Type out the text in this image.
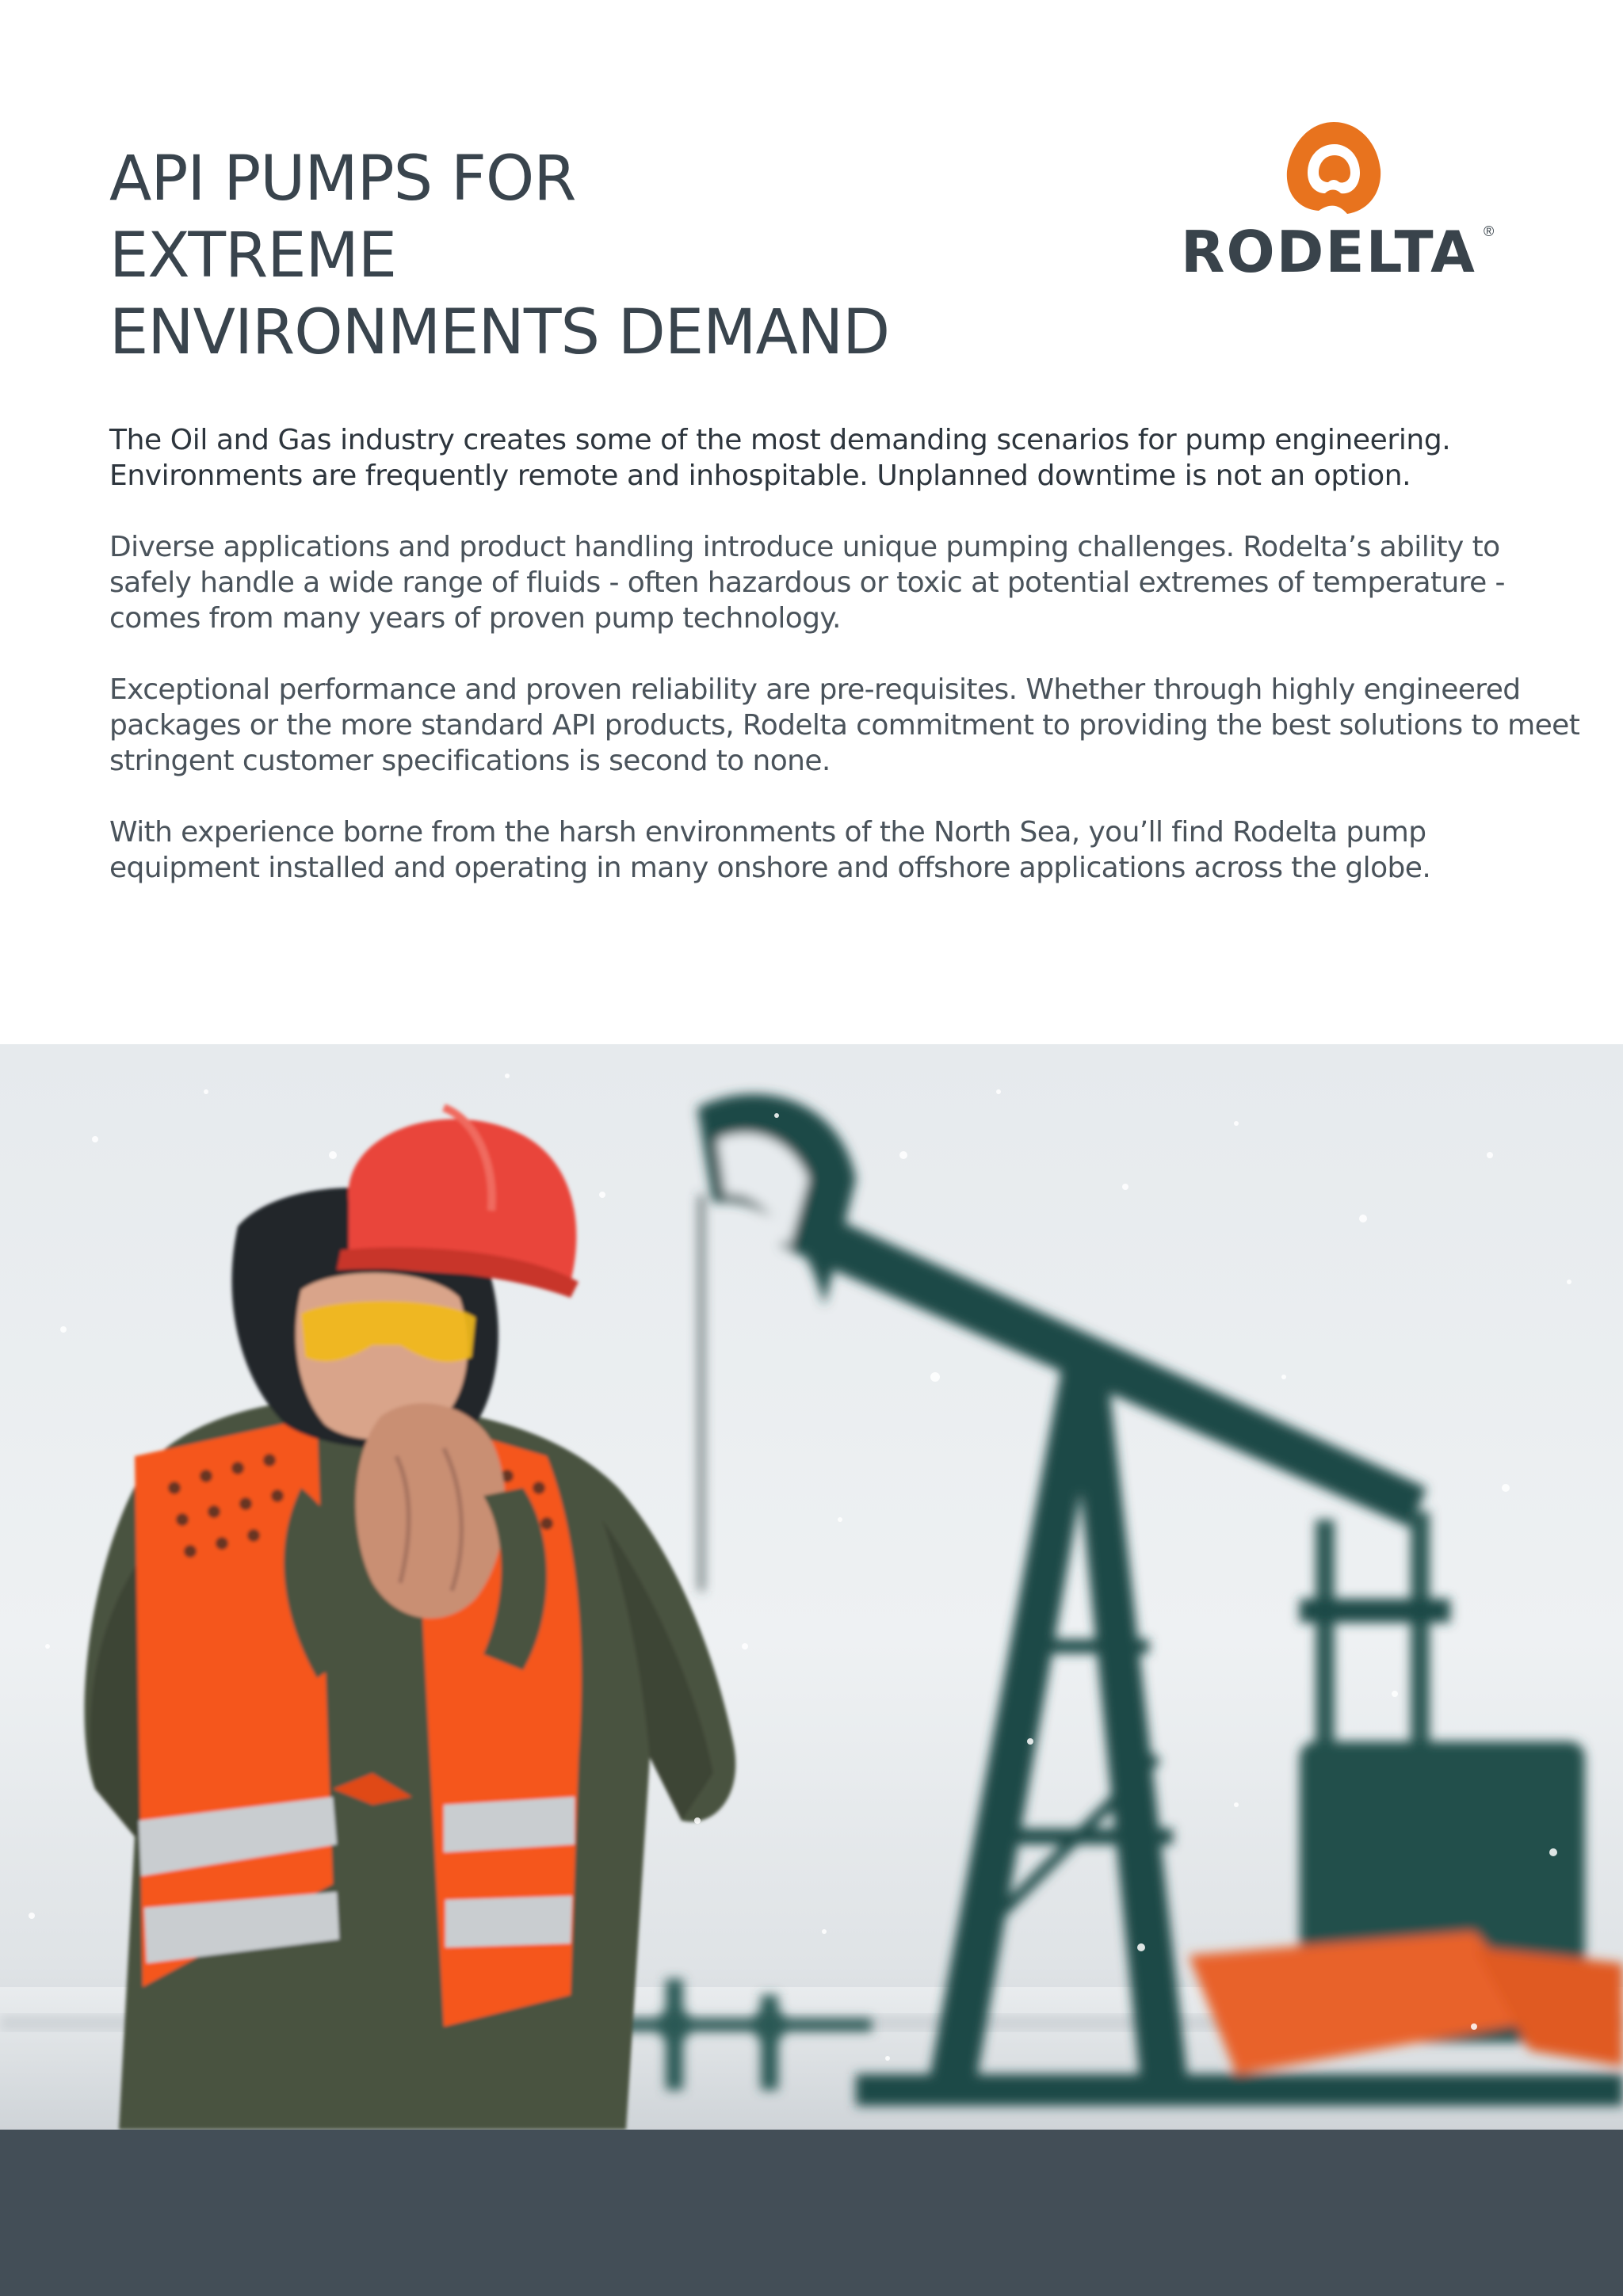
API PUMPS FOR
EXTREME
ENVIRONMENTS DEMAND
RODELTA ®

The Oil and Gas industry creates some of the most demanding scenarios for pump engineering. Environments are frequently remote and inhospitable. Unplanned downtime is not an option.

Diverse applications and product handling introduce unique pumping challenges. Rodelta’s ability to safely handle a wide range of fluids - often hazardous or toxic at potential extremes of temperature - comes from many years of proven pump technology.

Exceptional performance and proven reliability are pre-requisites. Whether through highly engineered packages or the more standard API products, Rodelta commitment to providing the best solutions to meet stringent customer specifications is second to none.

With experience borne from the harsh environments of the North Sea, you’ll find Rodelta pump equipment installed and operating in many onshore and offshore applications across the globe.
